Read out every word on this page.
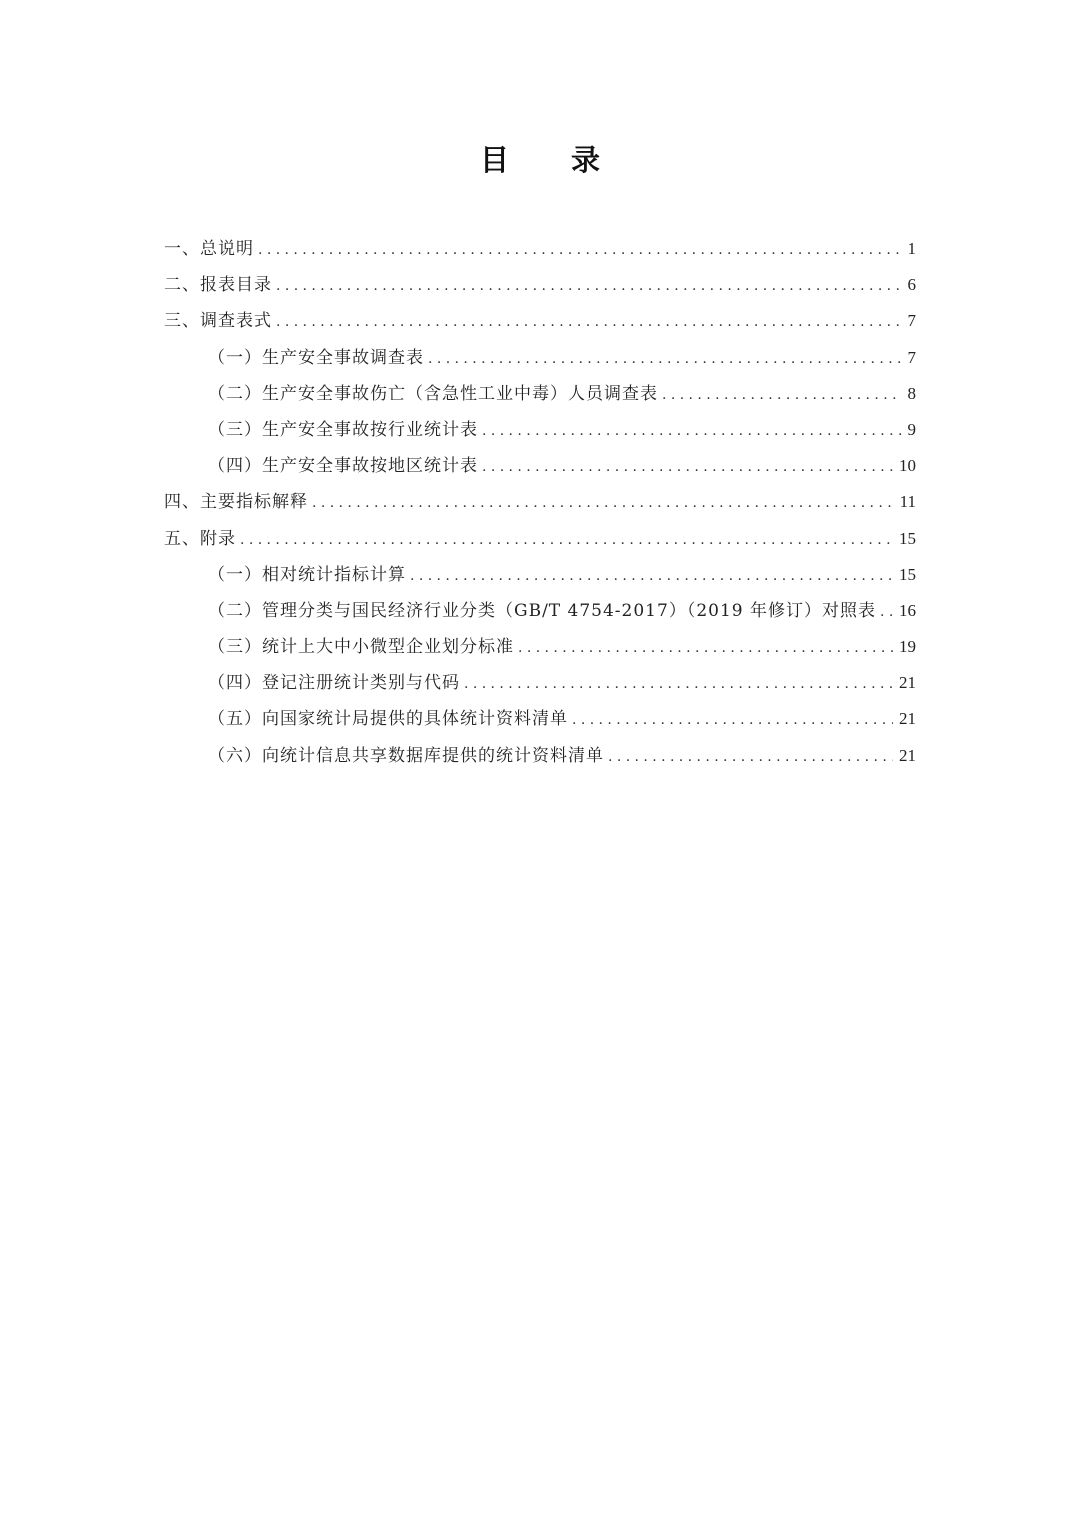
目 录
一、总说明 .....	1
二、报表目录 .....	6
三、调查表式 .....	7
（一）生产安全事故调查表 .....	7
（二）生产安全事故伤亡（含急性工业中毒）人员调查表 .....	8
（三）生产安全事故按行业统计表 .....	9
（四）生产安全事故按地区统计表 .....	10
四、主要指标解释 .....	11
五、附录 .....	15
（一）相对统计指标计算 .....	15
（二）管理分类与国民经济行业分类（GB/T 4754-2017）（2019 年修订）对照表 ..... 16
（三）统计上大中小微型企业划分标准 .....	19
（四）登记注册统计类别与代码 .....	21
（五）向国家统计局提供的具体统计资料清单 .....	21
（六）向统计信息共享数据库提供的统计资料清单 .....	21
